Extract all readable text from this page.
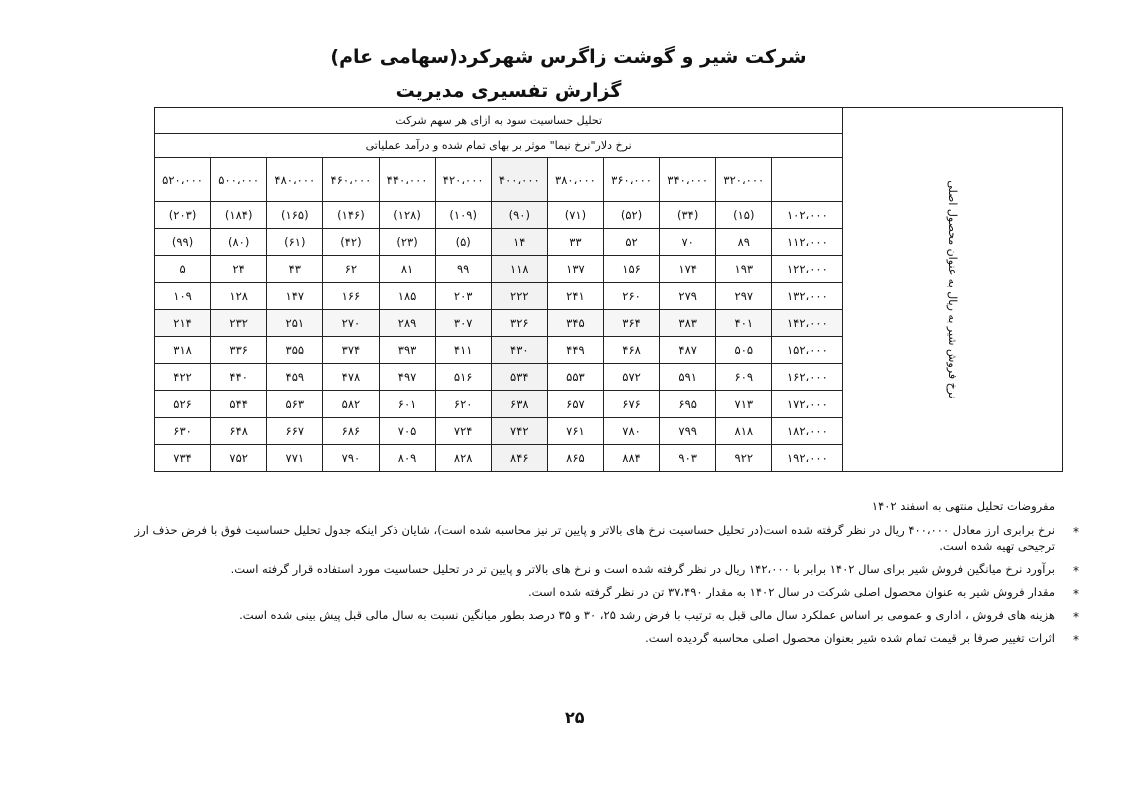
شرکت شیر و گوشت زاگرس شهرکرد(سهامی عام)
گزارش تفسیری مدیریت
نرخ فروش شیر به ریال به عنوان محصول اصلی	تحلیل حساسیت سود به ازای هر سهم شرکت											
	نرخ دلار"نرخ نیما" موثر بر بهای تمام شده و درآمد عملیاتی											
		۳۲۰،۰۰۰	۳۴۰،۰۰۰	۳۶۰،۰۰۰	۳۸۰،۰۰۰	۴۰۰،۰۰۰	۴۲۰،۰۰۰	۴۴۰،۰۰۰	۴۶۰،۰۰۰	۴۸۰،۰۰۰	۵۰۰،۰۰۰	۵۲۰،۰۰۰
	۱۰۲،۰۰۰	(۱۵)	(۳۴)	(۵۲)	(۷۱)	(۹۰)	(۱۰۹)	(۱۲۸)	(۱۴۶)	(۱۶۵)	(۱۸۴)	(۲۰۳)
	۱۱۲،۰۰۰	۸۹	۷۰	۵۲	۳۳	۱۴	(۵)	(۲۳)	(۴۲)	(۶۱)	(۸۰)	(۹۹)
	۱۲۲،۰۰۰	۱۹۳	۱۷۴	۱۵۶	۱۳۷	۱۱۸	۹۹	۸۱	۶۲	۴۳	۲۴	۵
	۱۳۲،۰۰۰	۲۹۷	۲۷۹	۲۶۰	۲۴۱	۲۲۲	۲۰۳	۱۸۵	۱۶۶	۱۴۷	۱۲۸	۱۰۹
	۱۴۲،۰۰۰	۴۰۱	۳۸۳	۳۶۴	۳۴۵	۳۲۶	۳۰۷	۲۸۹	۲۷۰	۲۵۱	۲۳۲	۲۱۴
	۱۵۲،۰۰۰	۵۰۵	۴۸۷	۴۶۸	۴۴۹	۴۳۰	۴۱۱	۳۹۳	۳۷۴	۳۵۵	۳۳۶	۳۱۸
	۱۶۲،۰۰۰	۶۰۹	۵۹۱	۵۷۲	۵۵۳	۵۳۴	۵۱۶	۴۹۷	۴۷۸	۴۵۹	۴۴۰	۴۲۲
	۱۷۲،۰۰۰	۷۱۳	۶۹۵	۶۷۶	۶۵۷	۶۳۸	۶۲۰	۶۰۱	۵۸۲	۵۶۳	۵۴۴	۵۲۶
	۱۸۲،۰۰۰	۸۱۸	۷۹۹	۷۸۰	۷۶۱	۷۴۲	۷۲۴	۷۰۵	۶۸۶	۶۶۷	۶۴۸	۶۳۰
	۱۹۲،۰۰۰	۹۲۲	۹۰۳	۸۸۴	۸۶۵	۸۴۶	۸۲۸	۸۰۹	۷۹۰	۷۷۱	۷۵۲	۷۳۴

مفروضات تحلیل منتهی به اسفند ۱۴۰۲

*
نرخ برابری ارز معادل ۴۰۰،۰۰۰ ریال در نظر گرفته شده است(در تحلیل حساسیت نرخ های بالاتر و پایین تر نیز محاسبه شده است)، شایان ذکر اینکه جدول تحلیل حساسیت فوق با فرض حذف ارز ترجیحی تهیه شده است.

*
برآورد نرخ میانگین فروش شیر برای سال ۱۴۰۲ برابر با ۱۴۲،۰۰۰ ریال در نظر گرفته شده است و نرخ های بالاتر و پایین تر در تحلیل حساسیت مورد استفاده قرار گرفته است.

*
مقدار فروش شیر به عنوان محصول اصلی شرکت در سال ۱۴۰۲ به مقدار ۳۷،۴۹۰ تن در نظر گرفته شده است.

*
هزینه های فروش ، اداری و عمومی بر اساس عملکرد سال مالی قبل به ترتیب با فرض رشد ۲۵، ۳۰ و ۳۵ درصد بطور میانگین نسبت به سال مالی قبل پیش بینی شده است.

*
اثرات تغییر صرفا بر قیمت تمام شده شیر بعنوان محصول اصلی محاسبه گردیده است.

۲۵
